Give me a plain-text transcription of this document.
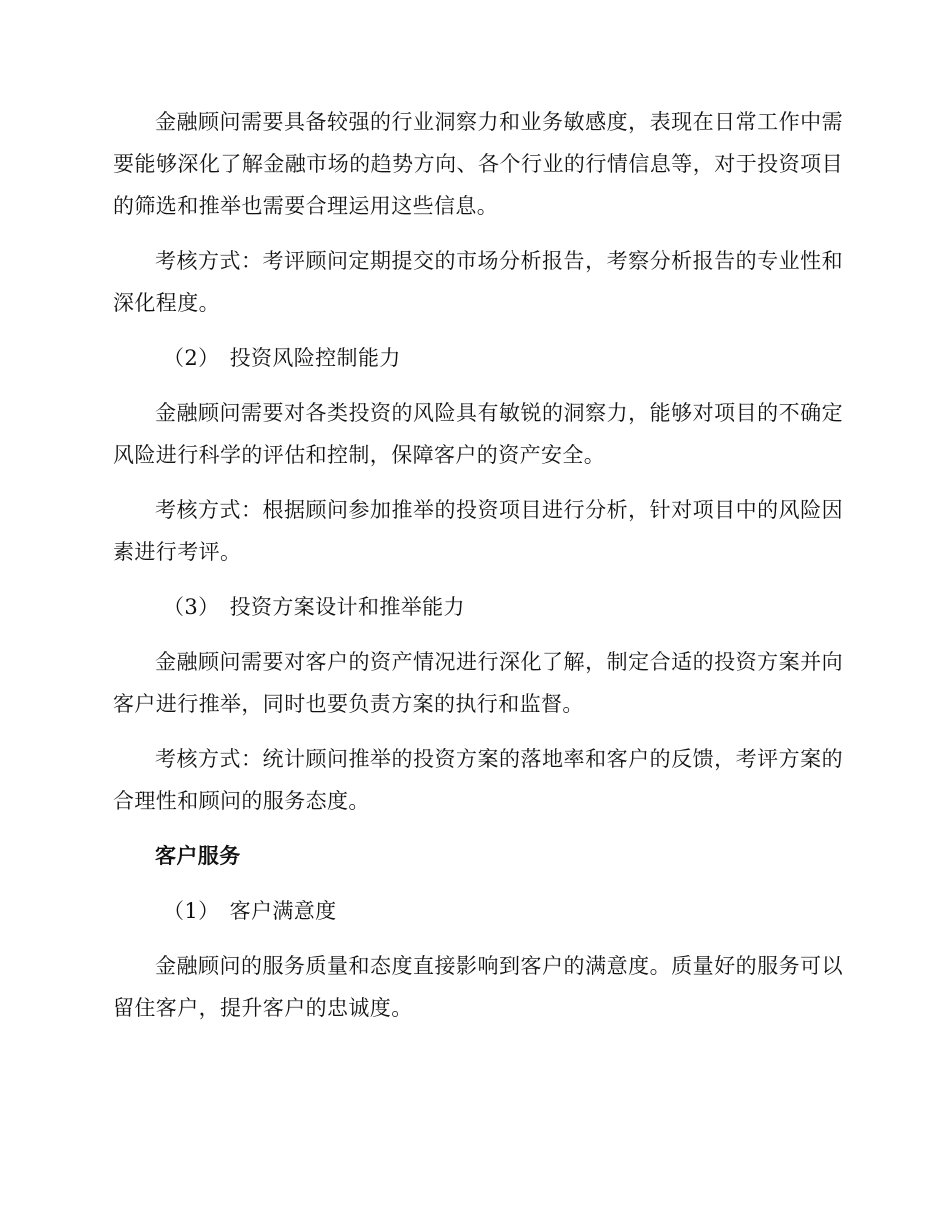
金融顾问需要具备较强的行业洞察力和业务敏感度，表现在日常工作中需要能够深化了解金融市场的趋势方向、各个行业的行情信息等，对于投资项目的筛选和推举也需要合理运用这些信息。

考核方式：考评顾问定期提交的市场分析报告，考察分析报告的专业性和深化程度。

（2） 投资风险控制能力

金融顾问需要对各类投资的风险具有敏锐的洞察力，能够对项目的不确定风险进行科学的评估和控制，保障客户的资产安全。

考核方式：根据顾问参加推举的投资项目进行分析，针对项目中的风险因素进行考评。

（3） 投资方案设计和推举能力

金融顾问需要对客户的资产情况进行深化了解，制定合适的投资方案并向客户进行推举，同时也要负责方案的执行和监督。

考核方式：统计顾问推举的投资方案的落地率和客户的反馈，考评方案的合理性和顾问的服务态度。

客户服务

（1） 客户满意度

金融顾问的服务质量和态度直接影响到客户的满意度。质量好的服务可以留住客户，提升客户的忠诚度。
